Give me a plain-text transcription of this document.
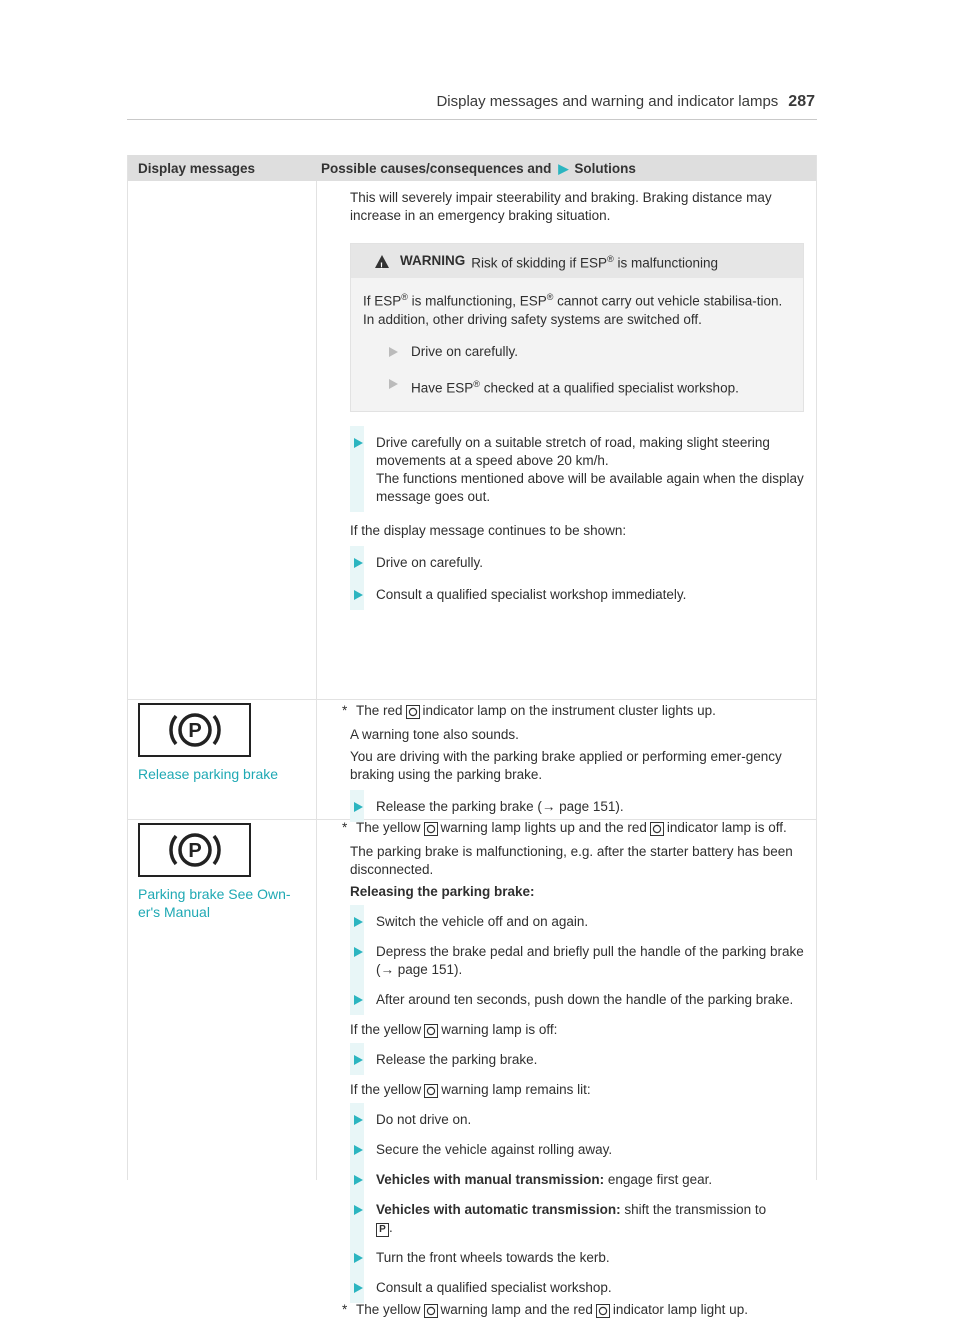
Display messages and warning and indicator lamps 287
Display messages	Possible causes/consequences and ▶ Solutions

This will severely impair steerability and braking. Braking distance may increase in an emergency braking situation.

!
WARNING Risk of skidding if ESP® is malfunctioning

If ESP® is malfunctioning, ESP® cannot carry out vehicle stabilisa-tion. In addition, other driving safety systems are switched off.

Drive on carefully.
Have ESP® checked at a qualified specialist workshop.
Drive carefully on a suitable stretch of road, making slight steering movements at a speed above 20 km/h.
The functions mentioned above will be available again when the display message goes out.

If the display message continues to be shown:

Drive on carefully.
Consult a qualified specialist workshop immediately.
P
Release parking brake
* The red indicator lamp on the instrument cluster lights up.

A warning tone also sounds.

You are driving with the parking brake applied or performing emer-gency braking using the parking brake.

Release the parking brake (→ page 151).
P
Parking brake See Own-er's Manual
* The yellow warning lamp lights up and the red indicator lamp is off.

The parking brake is malfunctioning, e.g. after the starter battery has been disconnected.

Releasing the parking brake:

Switch the vehicle off and on again.
Depress the brake pedal and briefly pull the handle of the parking brake (→ page 151).
After around ten seconds, push down the handle of the parking brake.

If the yellow warning lamp is off:

Release the parking brake.

If the yellow warning lamp remains lit:

Do not drive on.
Secure the vehicle against rolling away.
Vehicles with manual transmission: engage first gear.
Vehicles with automatic transmission: shift the transmission to
P .
Turn the front wheels towards the kerb.
Consult a qualified specialist workshop.
* The yellow warning lamp and the red indicator lamp light up.
